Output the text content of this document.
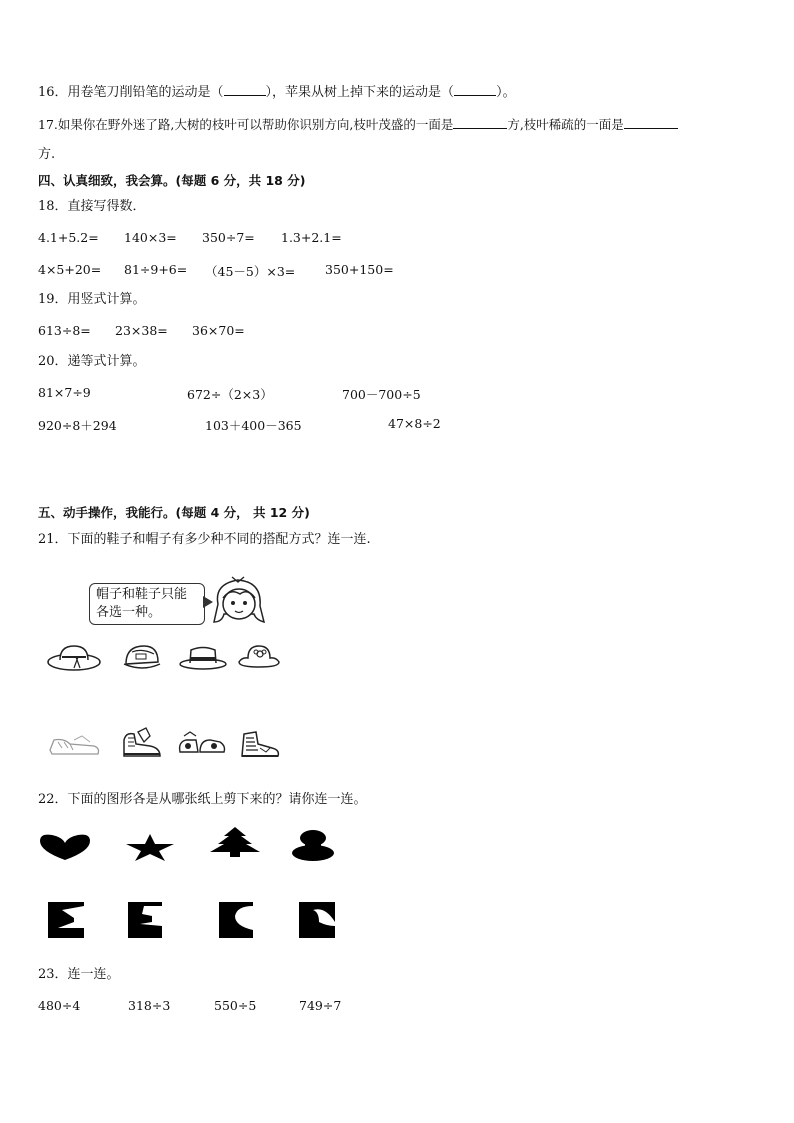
16．用卷笔刀削铅笔的运动是（	），苹果从树上掉下来的运动是（	）。
17.如果你在野外迷了路,大树的枝叶可以帮助你识别方向,枝叶茂盛的一面是	方,枝叶稀疏的一面是
方.
四、认真细致，我会算。(每题 6 分，共 18 分)
18．直接写得数．
4.1+5.2= 140×3= 350÷7= 1.3+2.1=
4×5+20= 81÷9+6= （45－5）×3= 350+150=
19．用竖式计算。
613÷8= 23×38= 36×70=
20．递等式计算。
81×7÷9	672÷（2×3）	700－700÷5
920÷8＋294	103＋400－365	47×8÷2
五、动手操作，我能行。(每题 4 分， 共 12 分)
21．下面的鞋子和帽子有多少种不同的搭配方式？连一连.
帽子和鞋子只能
各选一种。
22．下面的图形各是从哪张纸上剪下来的？请你连一连。
23．连一连。
480÷4	318÷3	550÷5	749÷7
